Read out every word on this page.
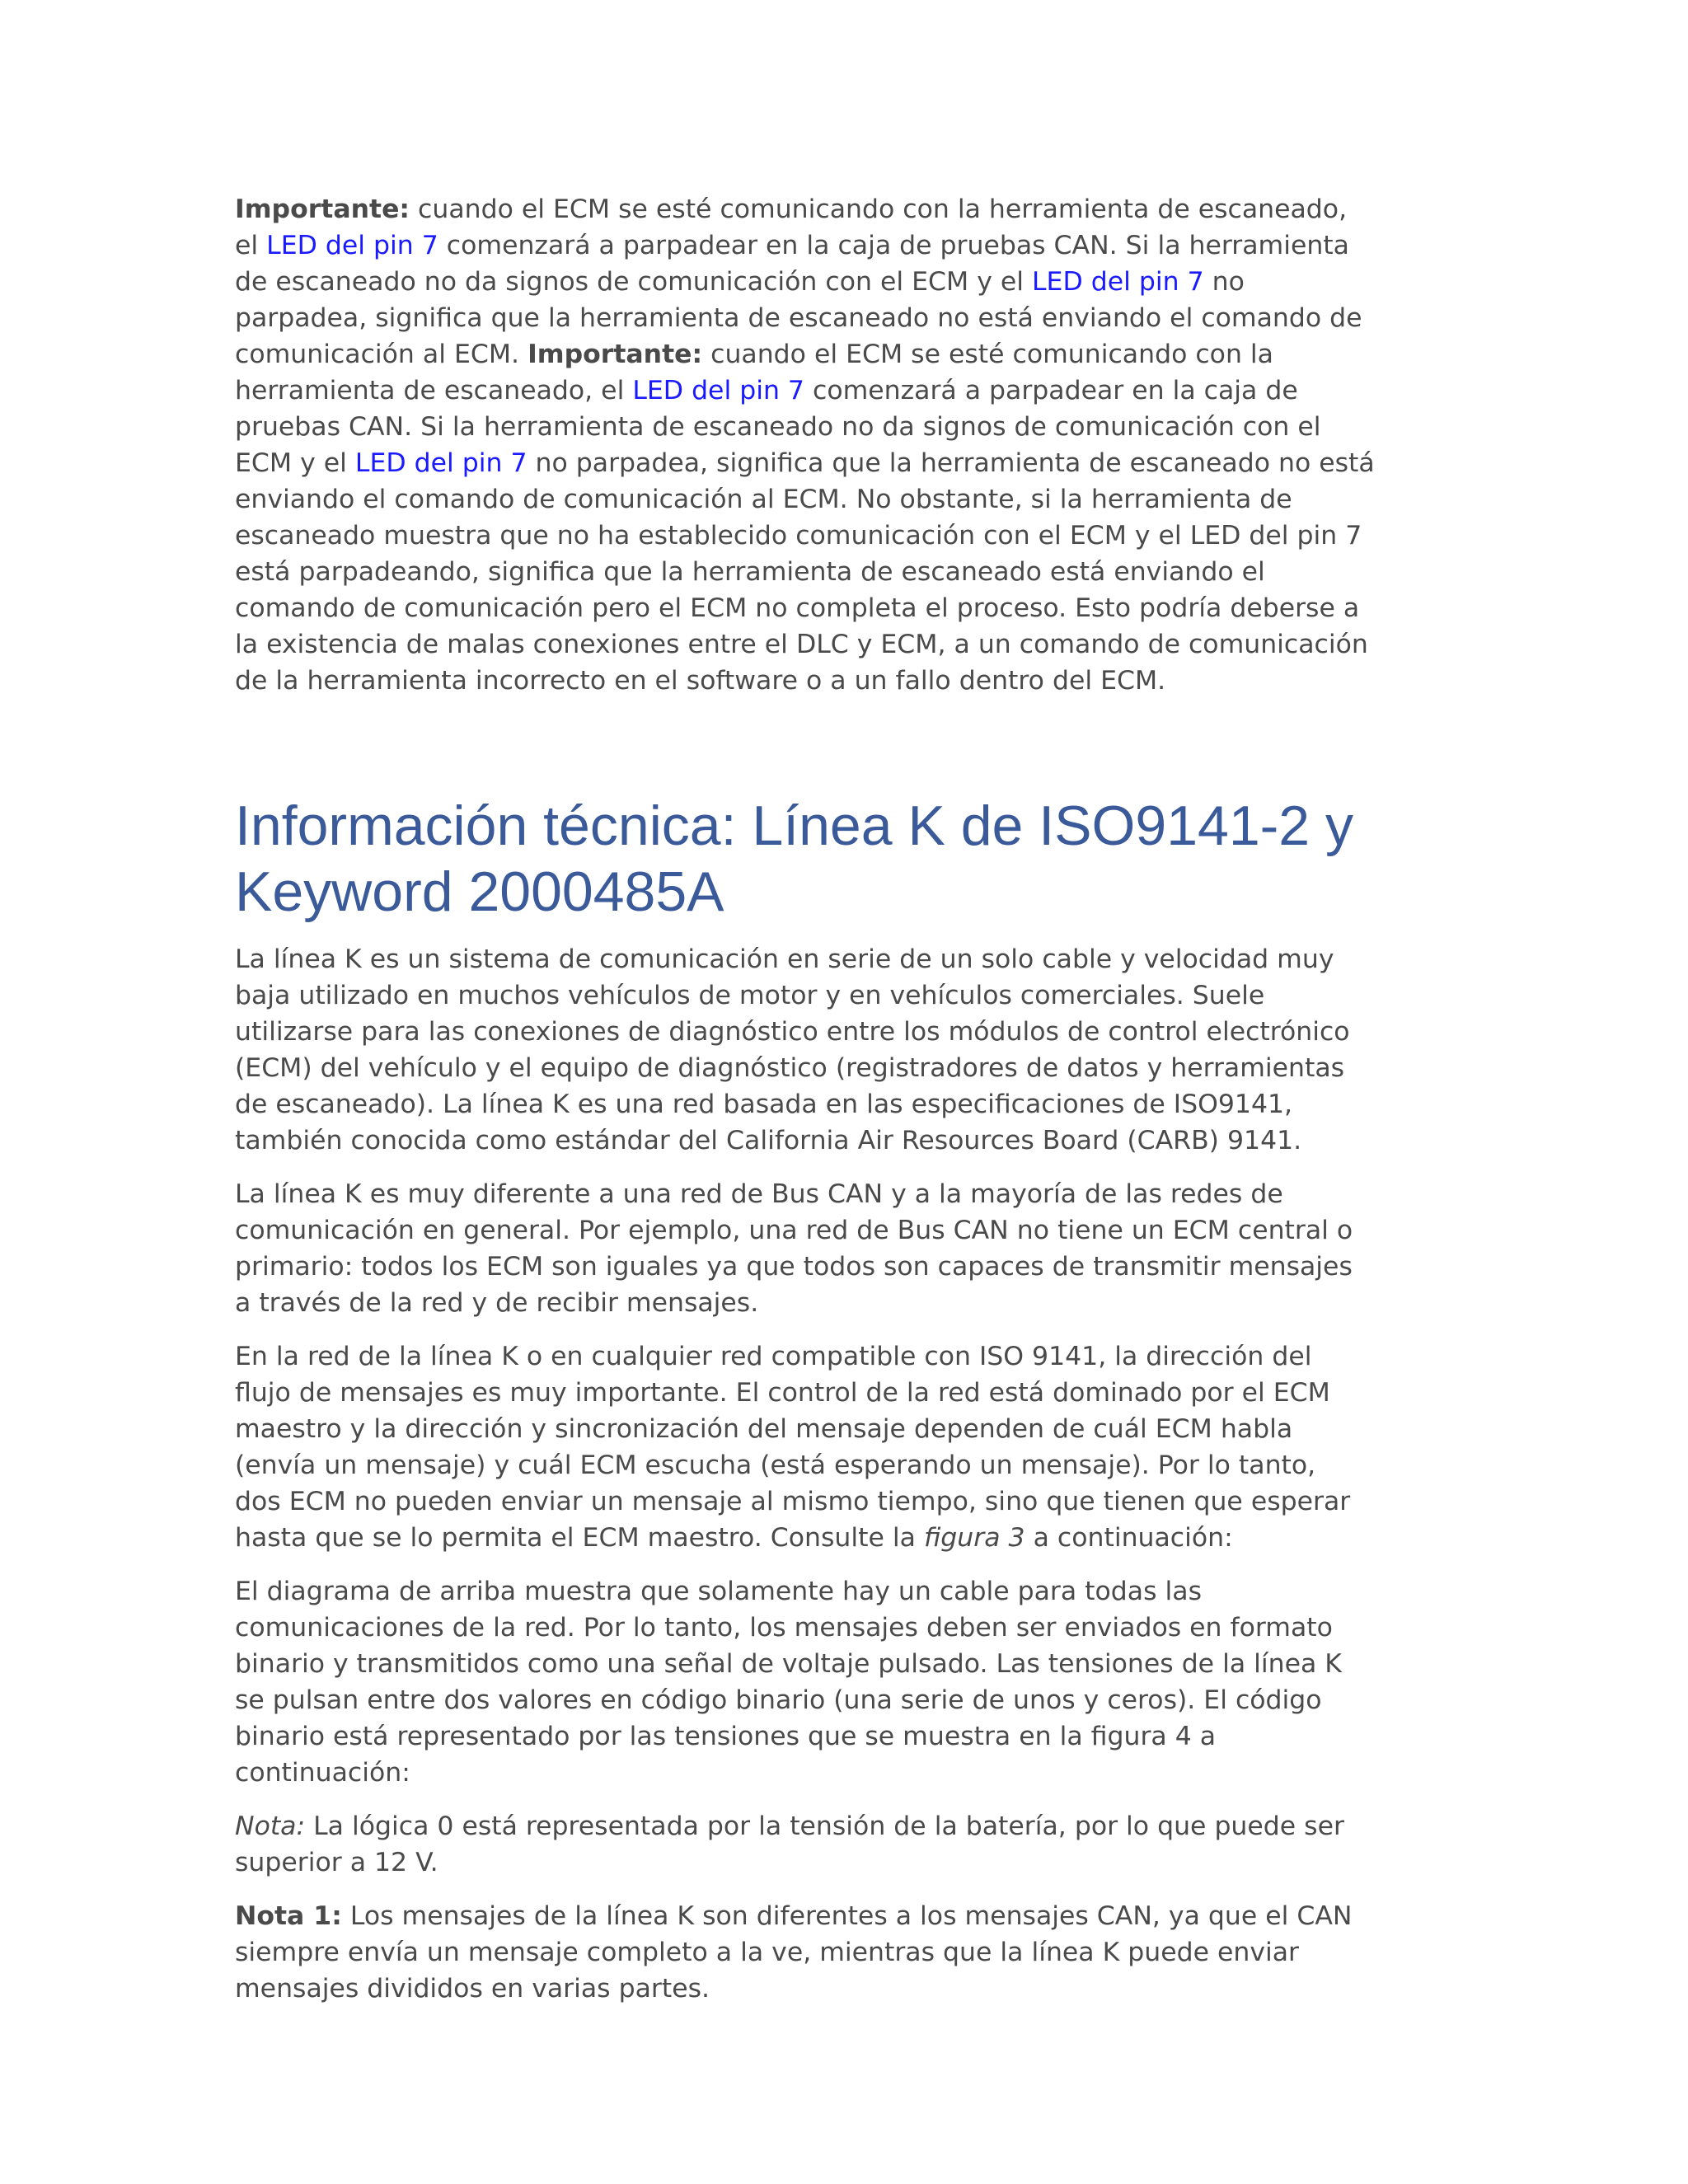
Importante: cuando el ECM se esté comunicando con la herramienta de escaneado,
el LED del pin 7 comenzará a parpadear en la caja de pruebas CAN. Si la herramienta
de escaneado no da signos de comunicación con el ECM y el LED del pin 7 no
parpadea, significa que la herramienta de escaneado no está enviando el comando de
comunicación al ECM. Importante: cuando el ECM se esté comunicando con la
herramienta de escaneado, el LED del pin 7 comenzará a parpadear en la caja de
pruebas CAN. Si la herramienta de escaneado no da signos de comunicación con el
ECM y el LED del pin 7 no parpadea, significa que la herramienta de escaneado no está
enviando el comando de comunicación al ECM. No obstante, si la herramienta de
escaneado muestra que no ha establecido comunicación con el ECM y el LED del pin 7
está parpadeando, significa que la herramienta de escaneado está enviando el
comando de comunicación pero el ECM no completa el proceso. Esto podría deberse a
la existencia de malas conexiones entre el DLC y ECM, a un comando de comunicación
de la herramienta incorrecto en el software o a un fallo dentro del ECM.
Información técnica: Línea K de ISO9141-2 y
Keyword 2000485A
La línea K es un sistema de comunicación en serie de un solo cable y velocidad muy
baja utilizado en muchos vehículos de motor y en vehículos comerciales. Suele
utilizarse para las conexiones de diagnóstico entre los módulos de control electrónico
(ECM) del vehículo y el equipo de diagnóstico (registradores de datos y herramientas
de escaneado). La línea K es una red basada en las especificaciones de ISO9141,
también conocida como estándar del California Air Resources Board (CARB) 9141.
La línea K es muy diferente a una red de Bus CAN y a la mayoría de las redes de
comunicación en general. Por ejemplo, una red de Bus CAN no tiene un ECM central o
primario: todos los ECM son iguales ya que todos son capaces de transmitir mensajes
a través de la red y de recibir mensajes.
En la red de la línea K o en cualquier red compatible con ISO 9141, la dirección del
flujo de mensajes es muy importante. El control de la red está dominado por el ECM
maestro y la dirección y sincronización del mensaje dependen de cuál ECM habla
(envía un mensaje) y cuál ECM escucha (está esperando un mensaje). Por lo tanto,
dos ECM no pueden enviar un mensaje al mismo tiempo, sino que tienen que esperar
hasta que se lo permita el ECM maestro. Consulte la figura 3 a continuación:
El diagrama de arriba muestra que solamente hay un cable para todas las
comunicaciones de la red. Por lo tanto, los mensajes deben ser enviados en formato
binario y transmitidos como una señal de voltaje pulsado. Las tensiones de la línea K
se pulsan entre dos valores en código binario (una serie de unos y ceros). El código
binario está representado por las tensiones que se muestra en la figura 4 a
continuación:
Nota: La lógica 0 está representada por la tensión de la batería, por lo que puede ser
superior a 12 V.
Nota 1: Los mensajes de la línea K son diferentes a los mensajes CAN, ya que el CAN
siempre envía un mensaje completo a la ve, mientras que la línea K puede enviar
mensajes divididos en varias partes.
